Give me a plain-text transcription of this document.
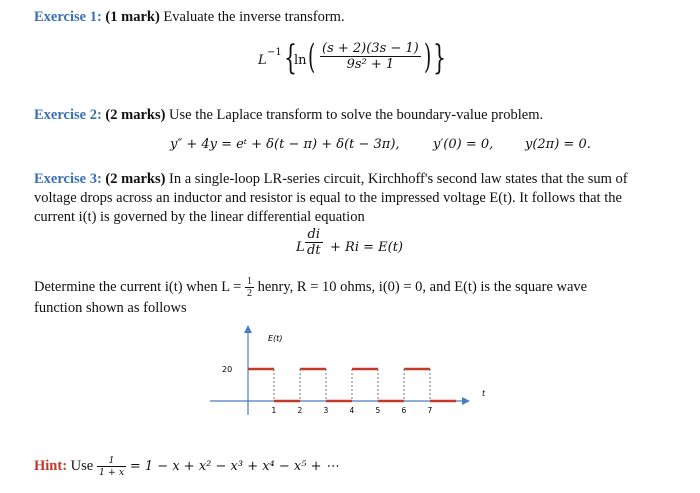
Exercise 1: (1 mark) Evaluate the inverse transform.
L
−1 {
ln ( $\frac{(s + 2)(3s - 1)}{\text{9s² + 1}}$ ) }
Exercise 2: (2 marks) Use the Laplace transform to solve the boundary-value problem.
y″ + 4y = eᵗ + δ(t − π) + δ(t − 3π),	y′(0) = 0, y(2π) = 0.
Exercise 3: (2 marks) In a single-loop LR-series circuit, Kirchhoff's second law states that the sum of
voltage drops across an inductor and resistor is equal to the impressed voltage E(t). It follows that the
current i(t) is governed by the linear differential equation
L $\frac{di}{dt} + Ri = E(t)$
Determine the current i(t) when $L = \frac{1}{2}$ henry, R = 10 ohms, i(0) = 0, and E(t) is the square wave
function shown as follows
E(t)
t
20
1	2	3	4	5	6	7
Hint: Use $\frac{1}{1 + x} = 1 - x + x^2 - x^3 + x^4 - x^5$ + ⋯
